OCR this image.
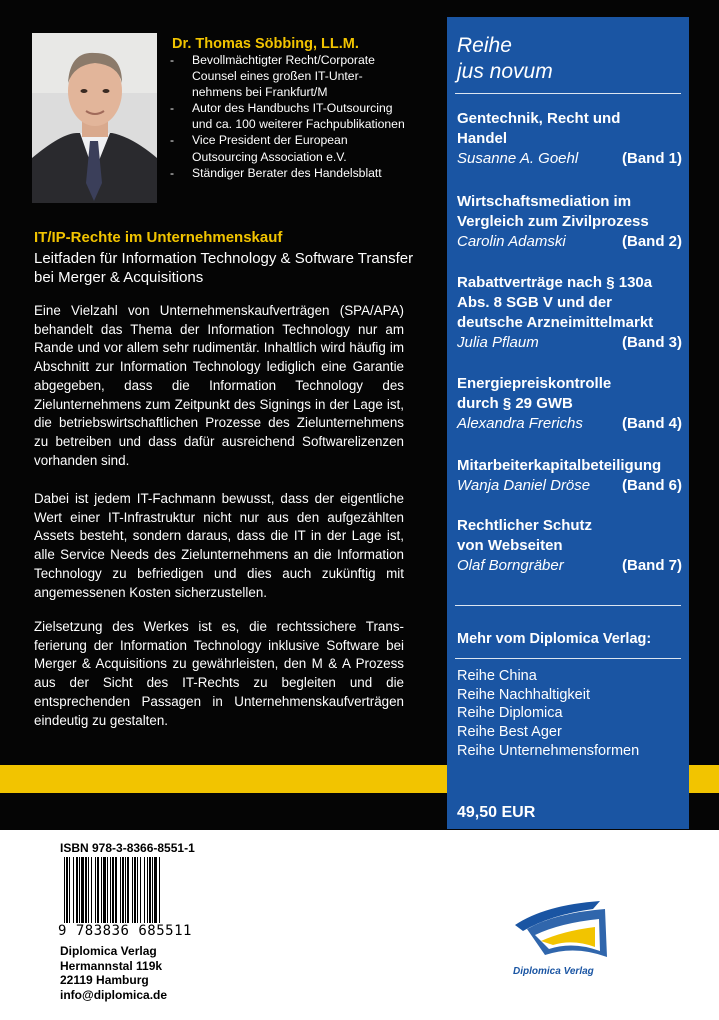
Dr. Thomas Söbbing, LL.M.
-	Bevollmächtigter Recht/Corporate Counsel eines großen IT-Unternehmens bei Frankfurt/M
-	Autor des Handbuchs IT-Outsourcing und ca. 100 weiterer Fachpublikationen
-	Vice President der European Outsourcing Association e.V.
-	Ständiger Berater des Handelsblatt
IT/IP-Rechte im Unternehmenskauf
Leitfaden für Information Technology & Software Transfer bei Merger & Acquisitions

Eine Vielzahl von Unternehmenskaufverträgen (SPA/APA) behandelt das Thema der Information Technology nur am Rande und vor allem sehr rudimentär. Inhaltlich wird häufig im Abschnitt zur Information Technology lediglich eine Garantie abgegeben, dass die Information Technology des Zielunternehmens zum Zeitpunkt des Signings in der Lage ist, die betriebswirtschaftlichen Prozesse des Zielunternehmens zu betreiben und dass dafür ausreichend Softwarelizenzen vorhanden sind.

Dabei ist jedem IT-Fachmann bewusst, dass der eigentliche Wert einer IT-Infrastruktur nicht nur aus den aufgezählten Assets besteht, sondern daraus, dass die IT in der Lage ist, alle Service Needs des Zielunternehmens an die Information Technology zu befriedigen und dies auch zukünftig mit angemessenen Kosten sicherzustellen.

Zielsetzung des Werkes ist es, die rechtssichere Transferierung der Information Technology inklusive Software bei Merger & Acquisitions zu gewährleisten, den M & A Prozess aus der Sicht des IT-Rechts zu begleiten und die entsprechenden Passagen in Unternehmenskaufverträgen eindeutig zu gestalten.

Reihe
jus novum
Gentechnik, Recht und
Handel
Susanne A. Goehl	(Band 1)
Wirtschaftsmediation im
Vergleich zum Zivilprozess
Carolin Adamski	(Band 2)
Rabattverträge nach § 130a
Abs. 8 SGB V und der
deutsche Arzneimittelmarkt
Julia Pflaum	(Band 3)
Energiepreiskontrolle
durch § 29 GWB
Alexandra Frerichs	(Band 4)
Mitarbeiterkapitalbeteiligung
Wanja Daniel Dröse (Band 6)
Rechtlicher Schutz
von Webseiten
Olaf Borngräber	(Band 7)
Mehr vom Diplomica Verlag:
Reihe China
Reihe Nachhaltigkeit
Reihe Diplomica
Reihe Best Ager
Reihe Unternehmensformen
49,50 EUR
ISBN 978-3-8366-8551-1
9 783836 685511
Diplomica Verlag
Hermannstal 119k
22119 Hamburg
info@diplomica.de
Diplomica Verlag
